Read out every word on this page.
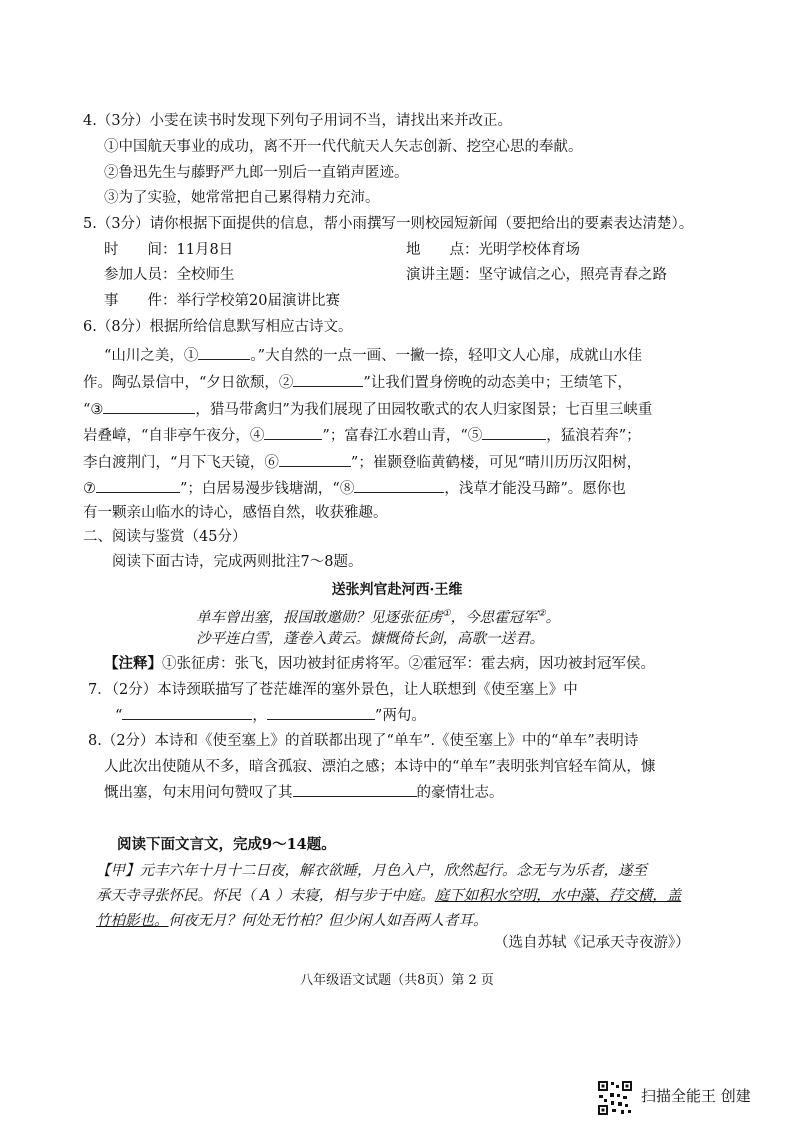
4.（3分）小雯在读书时发现下列句子用词不当，请找出来并改正。
①中国航天事业的成功，离不开一代代航天人矢志创新、挖空心思的奉献。
②鲁迅先生与藤野严九郎一别后一直销声匿迹。
③为了实验，她常常把自己累得精力充沛。
5.（3分）请你根据下面提供的信息，帮小雨撰写一则校园短新闻（要把给出的要素表达清楚）。
时　　间：11月8日	地　　点：光明学校体育场
参加人员：全校师生	演讲主题：坚守诚信之心，照亮青春之路
事　　件：举行学校第20届演讲比赛
6.（8分）根据所给信息默写相应古诗文。
“山川之美，①	。”大自然的一点一画、一撇一捺，轻叩文人心扉，成就山水佳
作。陶弘景信中，“夕日欲颓，②	”让我们置身傍晚的动态美中；王绩笔下，
“③	，猎马带禽归”为我们展现了田园牧歌式的农人归家图景；七百里三峡重
岩叠嶂，“自非亭午夜分，④	”；富春江水碧山青，“⑤	，猛浪若奔”；
李白渡荆门，“月下飞天镜，⑥	”；崔颢登临黄鹤楼，可见“晴川历历汉阳树，
⑦	”；白居易漫步钱塘湖，“⑧	，浅草才能没马蹄”。愿你也
有一颗亲山临水的诗心，感悟自然，收获雅趣。
二、阅读与鉴赏（45分）
阅读下面古诗，完成两则批注7～8题。
送张判官赴河西·王维
单车曾出塞，报国敢邀勋？见逐张征虏①，今思霍冠军②。
沙平连白雪，蓬卷入黄云。慷慨倚长剑，高歌一送君。
【注释】①张征虏：张飞，因功被封征虏将军。②霍冠军：霍去病，因功被封冠军侯。
7．（2分）本诗颈联描写了苍茫雄浑的塞外景色，让人联想到《使至塞上》中
“	，	”两句。
8.（2分）本诗和《使至塞上》的首联都出现了“单车”.《使至塞上》中的“单车”表明诗
人此次出使随从不多，暗含孤寂、漂泊之感；本诗中的“单车”表明张判官轻车简从，慷
慨出塞，句末用问句赞叹了其	的豪情壮志。
阅读下面文言文，完成9～14题。
【甲】元丰六年十月十二日夜，解衣欲睡，月色入户，欣然起行。念无与为乐者，遂至
承天寺寻张怀民。怀民（ A ）未寝，相与步于中庭。庭下如积水空明，水中藻、荇交横，盖
竹柏影也。何夜无月？何处无竹柏？但少闲人如吾两人者耳。
（选自苏轼《记承天寺夜游》）
八年级语文试题（共8页）第 2 页
扫描全能王 创建
